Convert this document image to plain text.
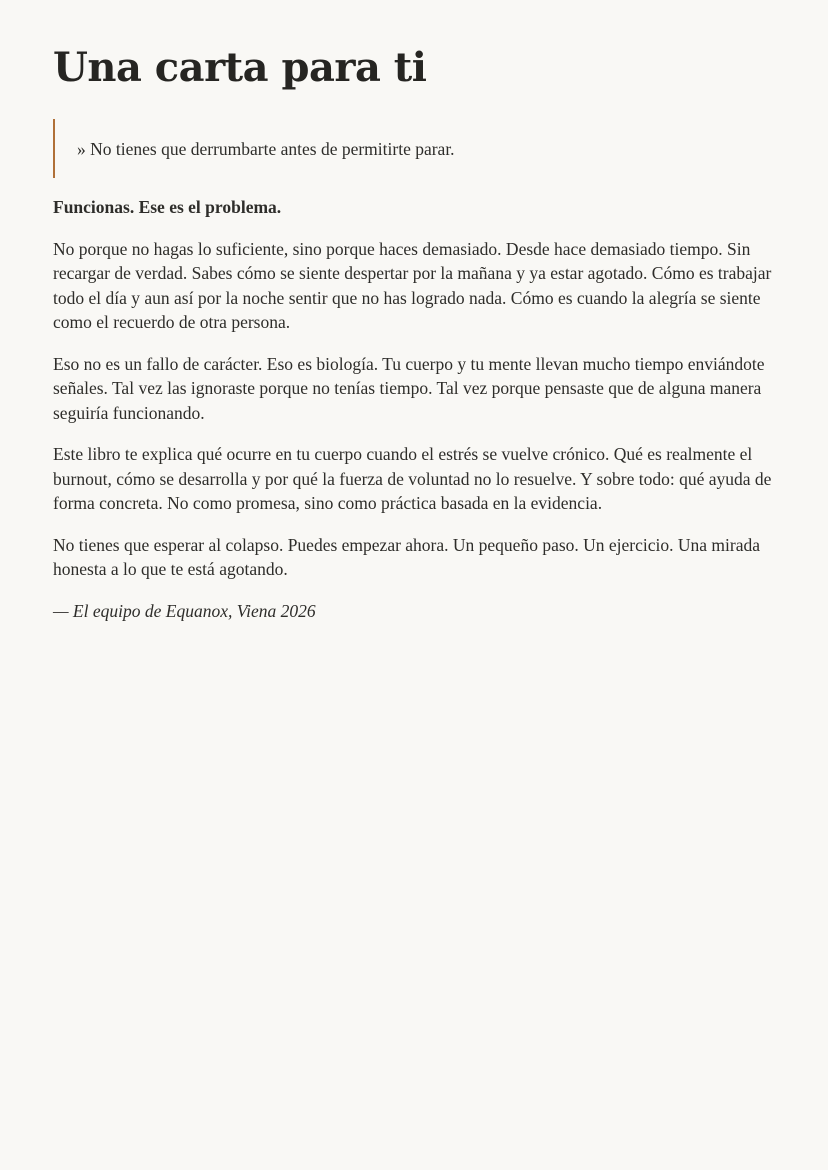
Una carta para ti
» No tienes que derrumbarte antes de permitirte parar.

Funcionas. Ese es el problema.

No porque no hagas lo suficiente, sino porque haces demasiado. Desde hace demasiado tiempo. Sin recargar de verdad. Sabes cómo se siente despertar por la mañana y ya estar agotado. Cómo es trabajar todo el día y aun así por la noche sentir que no has logrado nada. Cómo es cuando la alegría se siente como el recuerdo de otra persona.

Eso no es un fallo de carácter. Eso es biología. Tu cuerpo y tu mente llevan mucho tiempo enviándote señales. Tal vez las ignoraste porque no tenías tiempo. Tal vez porque pensaste que de alguna manera seguiría funcionando.

Este libro te explica qué ocurre en tu cuerpo cuando el estrés se vuelve crónico. Qué es realmente el burnout, cómo se desarrolla y por qué la fuerza de voluntad no lo resuelve. Y sobre todo: qué ayuda de forma concreta. No como promesa, sino como práctica basada en la evidencia.

No tienes que esperar al colapso. Puedes empezar ahora. Un pequeño paso. Un ejercicio. Una mirada honesta a lo que te está agotando.

— El equipo de Equanox, Viena 2026
